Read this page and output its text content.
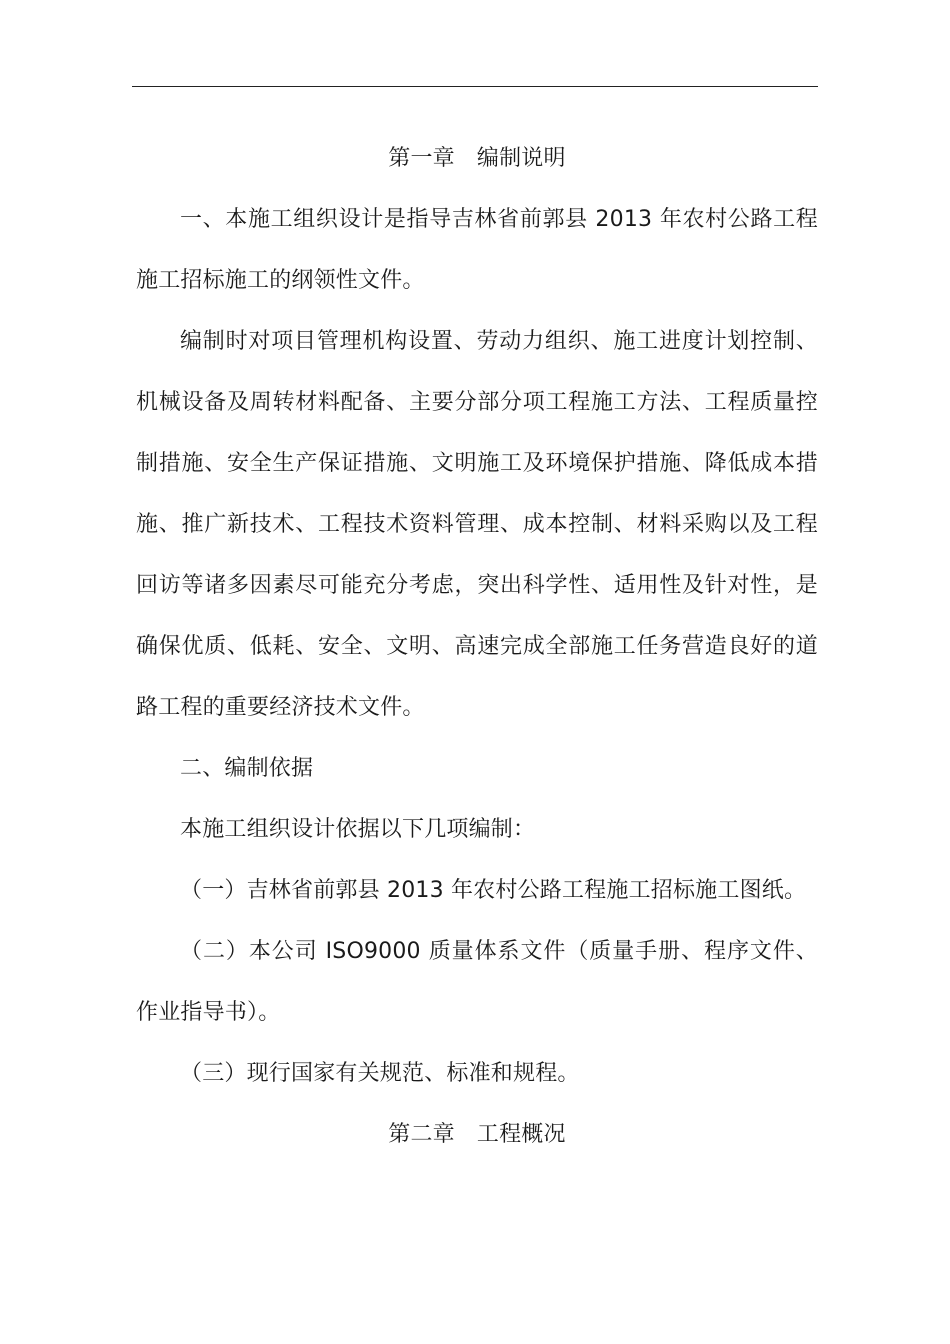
第一章 编制说明

一、本施工组织设计是指导吉林省前郭县 2013 年农村公路工程施工招标施工的纲领性文件。

编制时对项目管理机构设置、劳动力组织、施工进度计划控制、机械设备及周转材料配备、主要分部分项工程施工方法、工程质量控制措施、安全生产保证措施、文明施工及环境保护措施、降低成本措施、推广新技术、工程技术资料管理、成本控制、材料采购以及工程回访等诸多因素尽可能充分考虑，突出科学性、适用性及针对性，是确保优质、低耗、安全、文明、高速完成全部施工任务营造良好的道路工程的重要经济技术文件。

二、编制依据

本施工组织设计依据以下几项编制：

（一）吉林省前郭县 2013 年农村公路工程施工招标施工图纸。

（二）本公司 ISO9000 质量体系文件（质量手册、程序文件、作业指导书）。

（三）现行国家有关规范、标准和规程。

第二章 工程概况
